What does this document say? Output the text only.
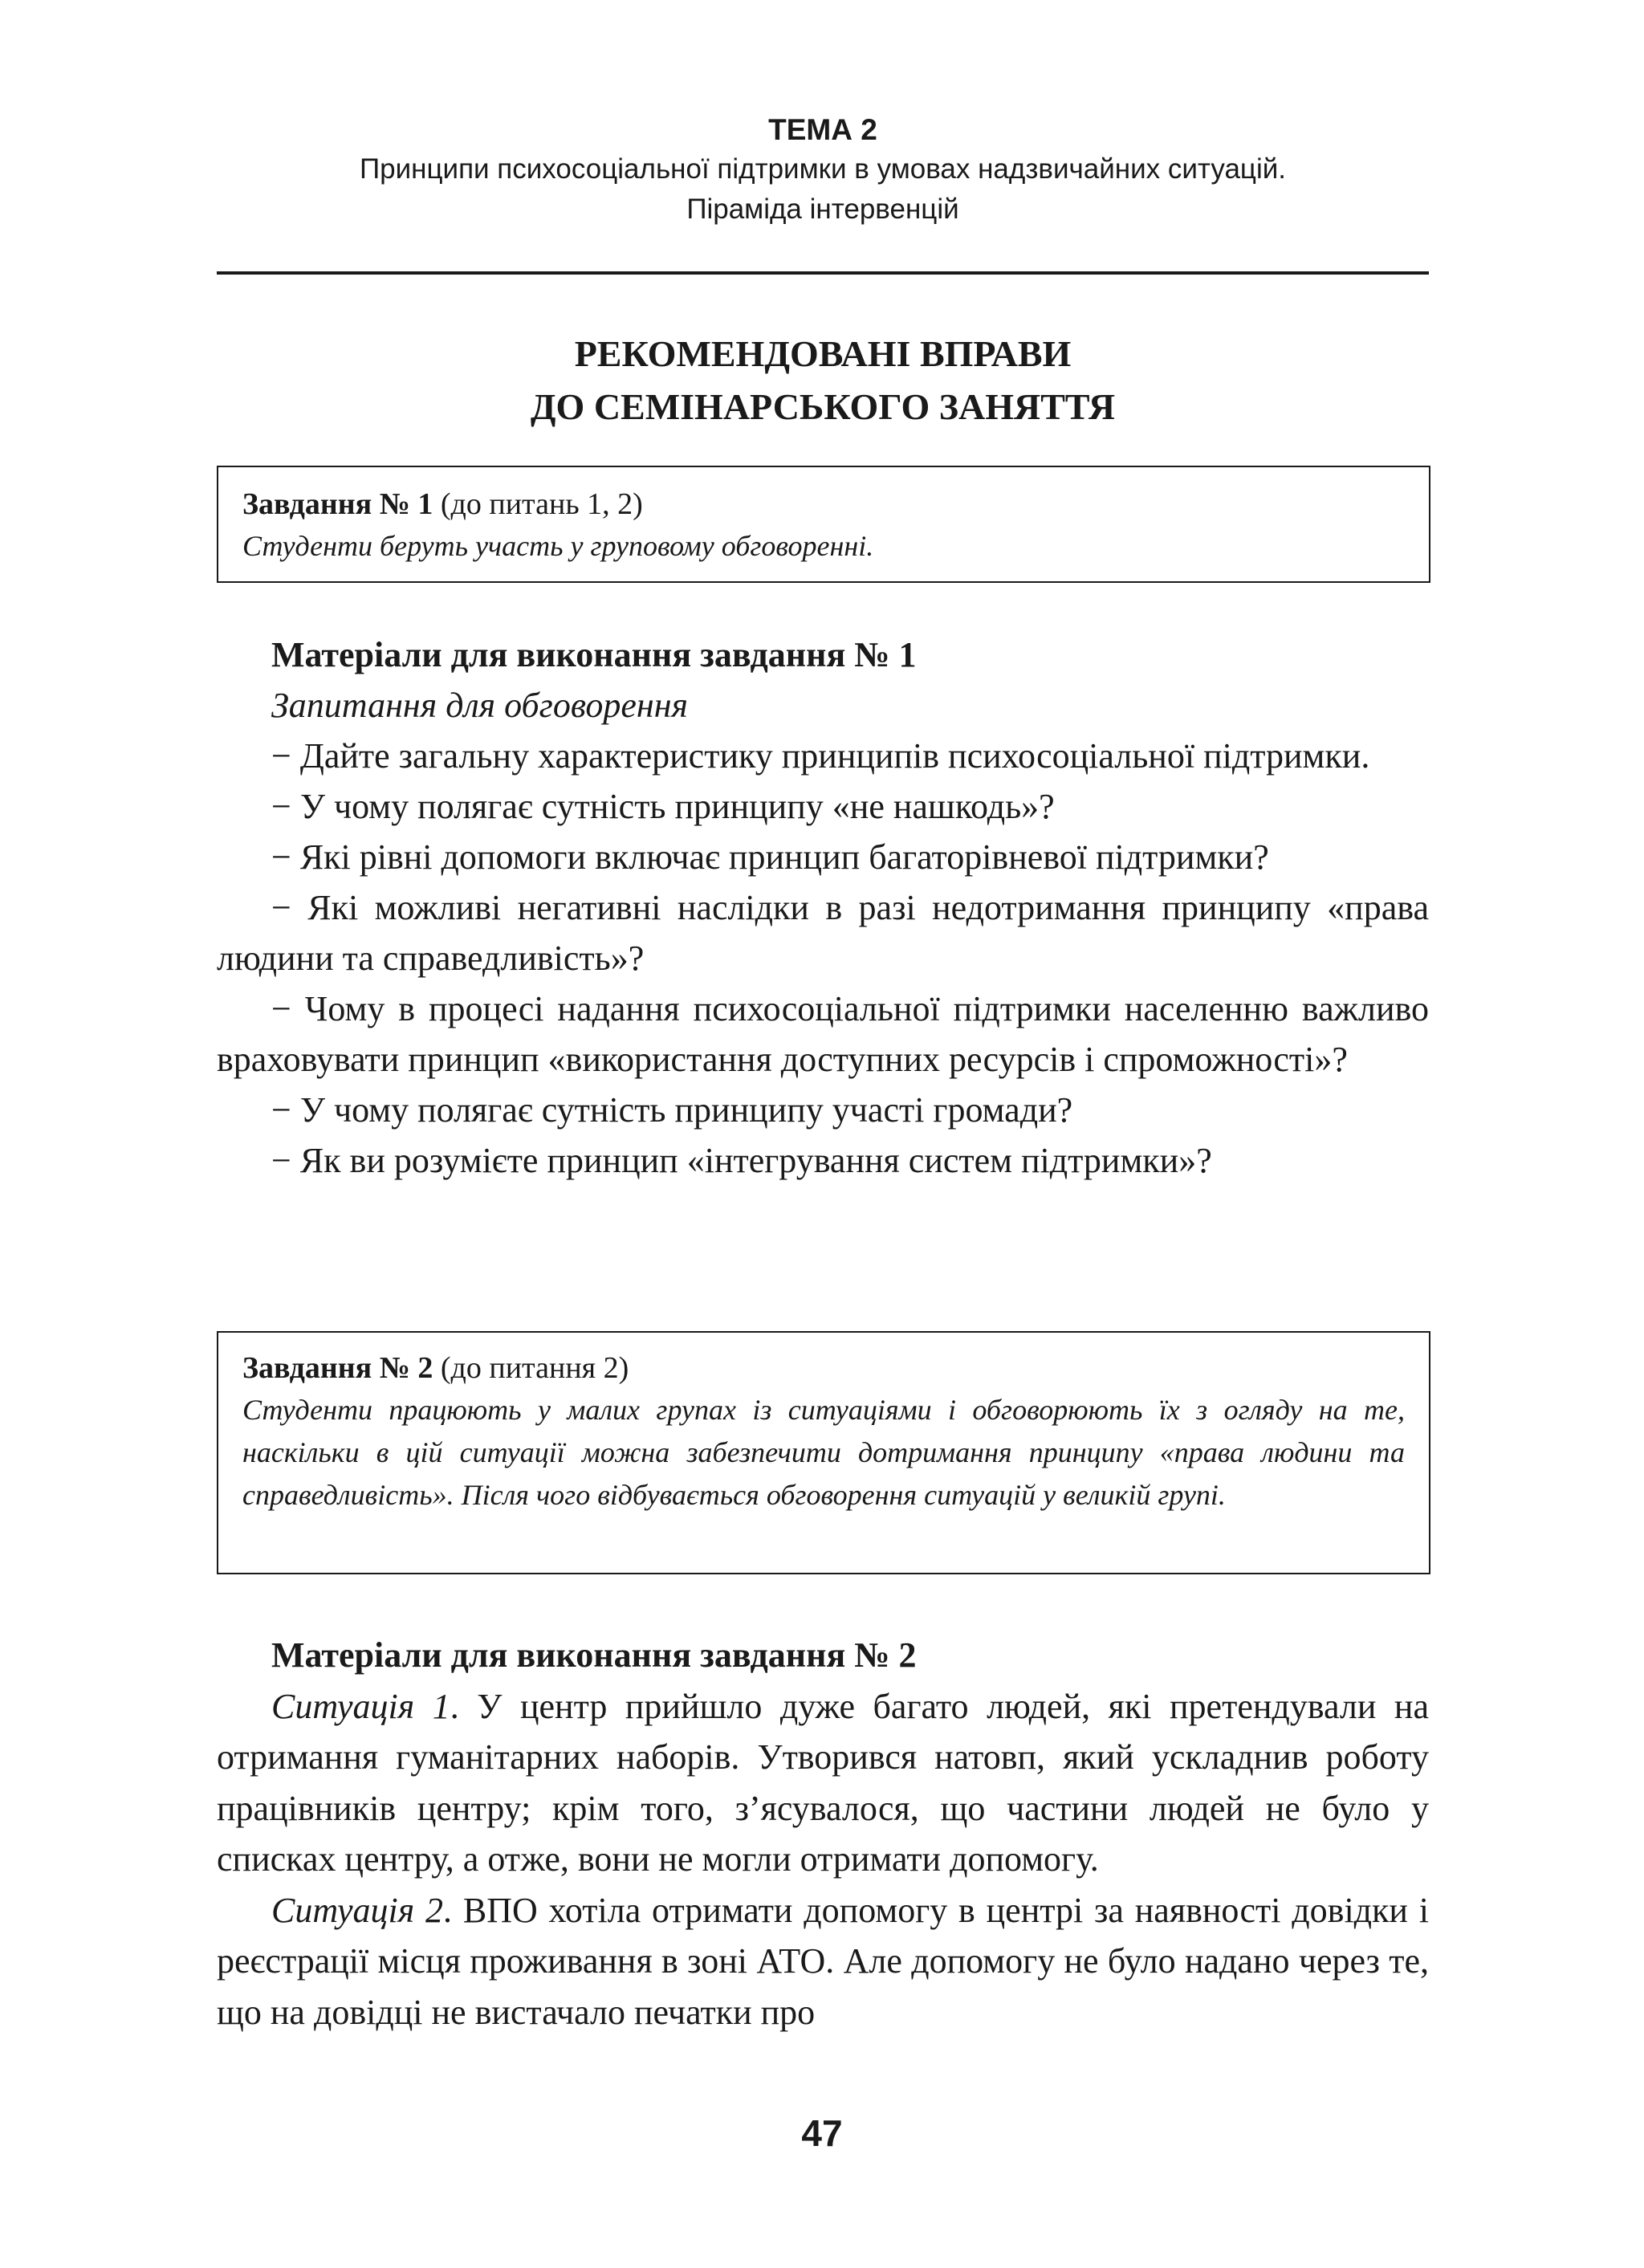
ТЕМА 2
Принципи психосоціальної підтримки в умовах надзвичайних ситуацій.
Піраміда інтервенцій
РЕКОМЕНДОВАНІ ВПРАВИ
ДО СЕМІНАРСЬКОГО ЗАНЯТТЯ
Завдання № 1 (до питань 1, 2)
Студенти беруть участь у груповому обговоренні.

Матеріали для виконання завдання № 1

Запитання для обговорення

− Дайте загальну характеристику принципів психосоціальної підтримки.

− У чому полягає сутність принципу «не нашкодь»?

− Які рівні допомоги включає принцип багаторівневої підтримки?

− Які можливі негативні наслідки в разі недотримання принципу «права людини та справедливість»?

− Чому в процесі надання психосоціальної підтримки населенню важливо враховувати принцип «використання доступних ресурсів і спроможності»?

− У чому полягає сутність принципу участі громади?

− Як ви розумієте принцип «інтегрування систем підтримки»?

Завдання № 2 (до питання 2)
Студенти працюють у малих групах із ситуаціями і обговорюють їх з огляду на те, наскільки в цій ситуації можна забезпечити дотримання принципу «права людини та справедливість». Після чого відбувається обговорення ситуацій у великій групі.

Матеріали для виконання завдання № 2

Ситуація 1. У центр прийшло дуже багато людей, які претендували на отримання гуманітарних наборів. Утворився натовп, який ускладнив роботу працівників центру; крім того, з’ясувалося, що частини людей не було у списках центру, а отже, вони не могли отримати допомогу.

Ситуація 2. ВПО хотіла отримати допомогу в центрі за наявності довідки і реєстрації місця проживання в зоні АТО. Але допомогу не було надано через те, що на довідці не вистачало печатки про

47
